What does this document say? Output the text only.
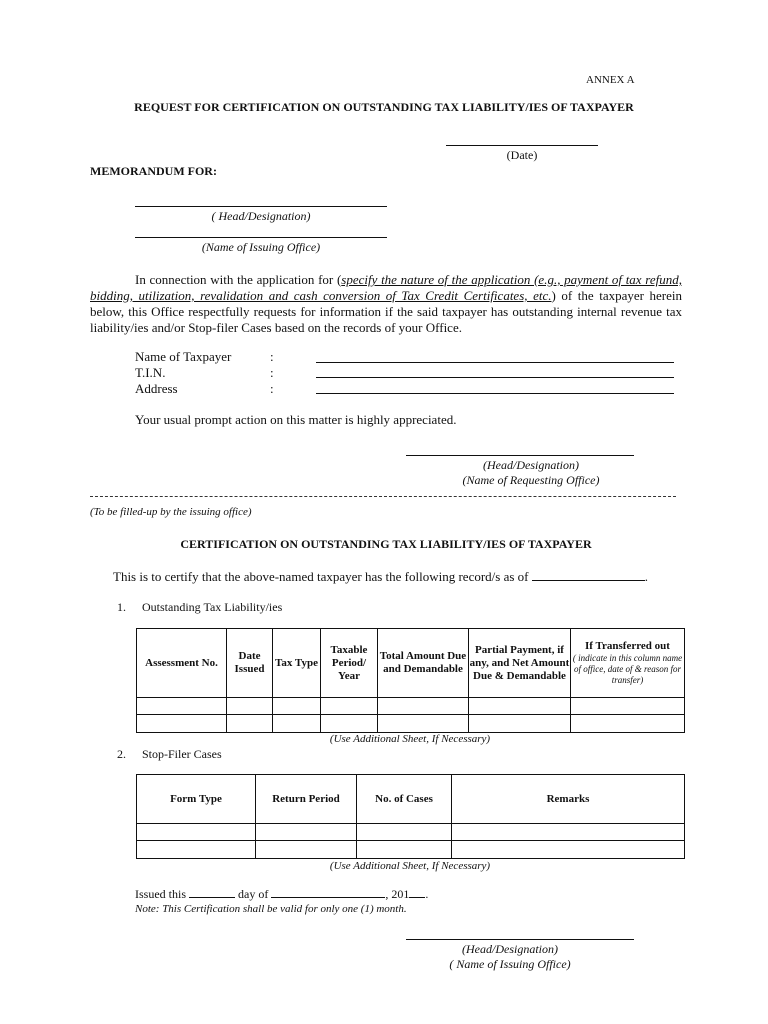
ANNEX A
REQUEST FOR CERTIFICATION ON OUTSTANDING TAX LIABILITY/IES OF TAXPAYER
(Date)
MEMORANDUM FOR:
( Head/Designation)
(Name of Issuing Office)
In connection with the application for (specify the nature of the application (e.g., payment of tax refund, bidding, utilization, revalidation and cash conversion of Tax Credit Certificates, etc.) of the taxpayer herein below, this Office respectfully requests for information if the said taxpayer has outstanding internal revenue tax liability/ies and/or Stop-filer Cases based on the records of your Office.
Name of Taxpayer	:
T.I.N.	:
Address	:
Your usual prompt action on this matter is highly appreciated.
(Head/Designation)
(Name of Requesting Office)
(To be filled-up by the issuing office)
CERTIFICATION ON OUTSTANDING TAX LIABILITY/IES OF TAXPAYER
This is to certify that the above-named taxpayer has the following record/s as of	.
1. Outstanding Tax Liability/ies
Assessment No.	Date Issued	Tax Type	Taxable Period/ Year	Total Amount Due and Demandable	Partial Payment, if any, and Net Amount Due & Demandable	If Transferred out
( indicate in this column name of office, date of & reason for transfer)

(Use Additional Sheet, If Necessary)
2. Stop-Filer Cases
Form Type	Return Period	No. of Cases	Remarks

(Use Additional Sheet, If Necessary)
Issued this	day of	, 201 .
Note: This Certification shall be valid for only one (1) month.
(Head/Designation)
( Name of Issuing Office)
